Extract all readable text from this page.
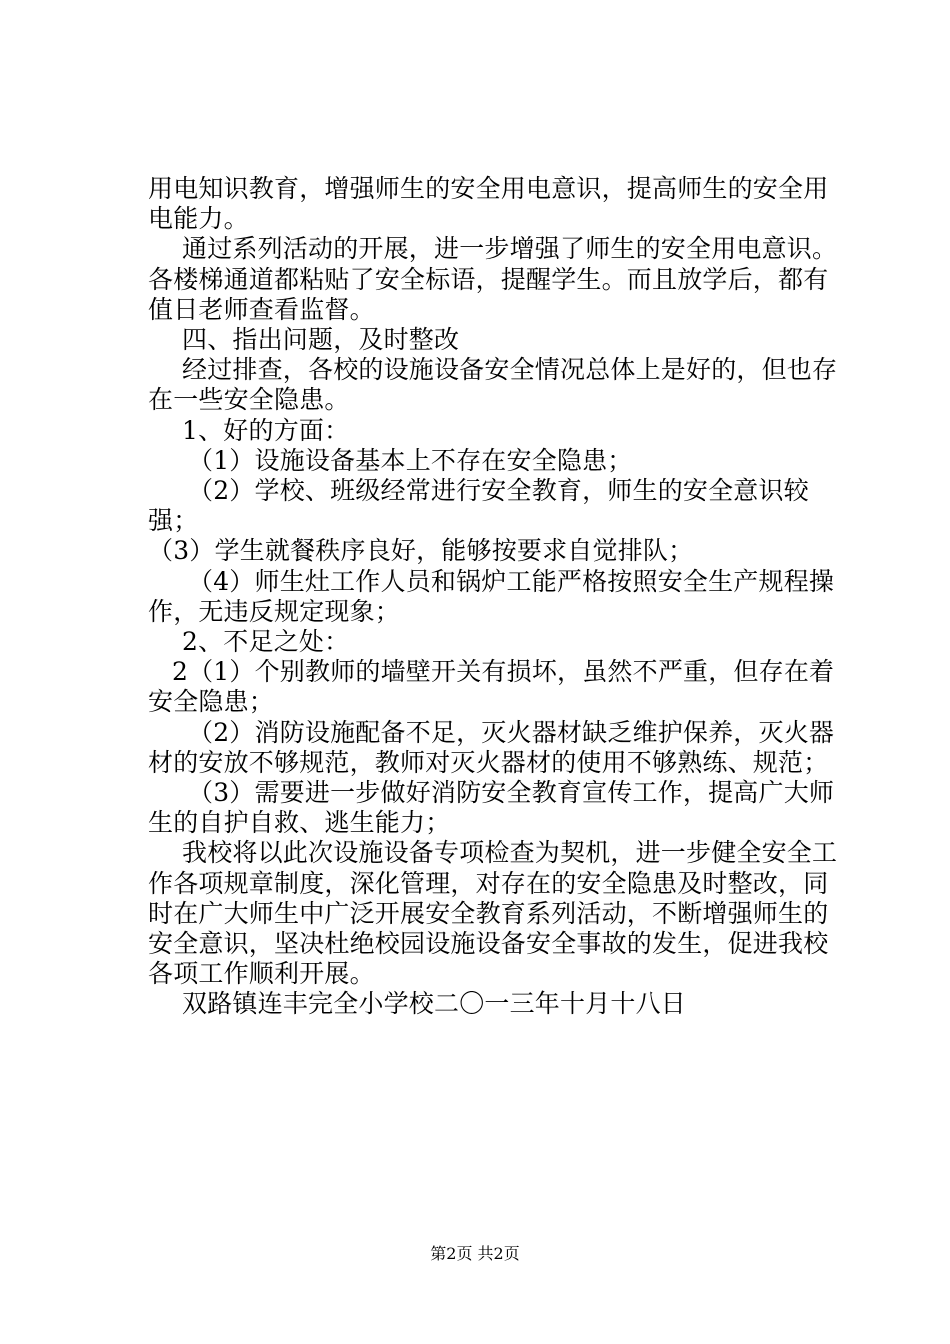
用电知识教育，增强师生的安全用电意识，提高师生的安全用电能力。

通过系列活动的开展，进一步增强了师生的安全用电意识。各楼梯通道都粘贴了安全标语，提醒学生。而且放学后，都有值日老师查看监督。

四、指出问题，及时整改

经过排查，各校的设施设备安全情况总体上是好的，但也存在一些安全隐患。

1、好的方面：

（1）设施设备基本上不存在安全隐患；

（2）学校、班级经常进行安全教育，师生的安全意识较强；

（3）学生就餐秩序良好，能够按要求自觉排队；

（4）师生灶工作人员和锅炉工能严格按照安全生产规程操作，无违反规定现象；

2、不足之处：

2（1）个别教师的墙壁开关有损坏，虽然不严重，但存在着安全隐患；

（2）消防设施配备不足，灭火器材缺乏维护保养，灭火器材的安放不够规范，教师对灭火器材的使用不够熟练、规范；

（3）需要进一步做好消防安全教育宣传工作，提高广大师生的自护自救、逃生能力；

我校将以此次设施设备专项检查为契机，进一步健全安全工作各项规章制度，深化管理，对存在的安全隐患及时整改，同时在广大师生中广泛开展安全教育系列活动，不断增强师生的安全意识，坚决杜绝校园设施设备安全事故的发生，促进我校各项工作顺利开展。

双路镇连丰完全小学校二〇一三年十月十八日

第2页 共2页
